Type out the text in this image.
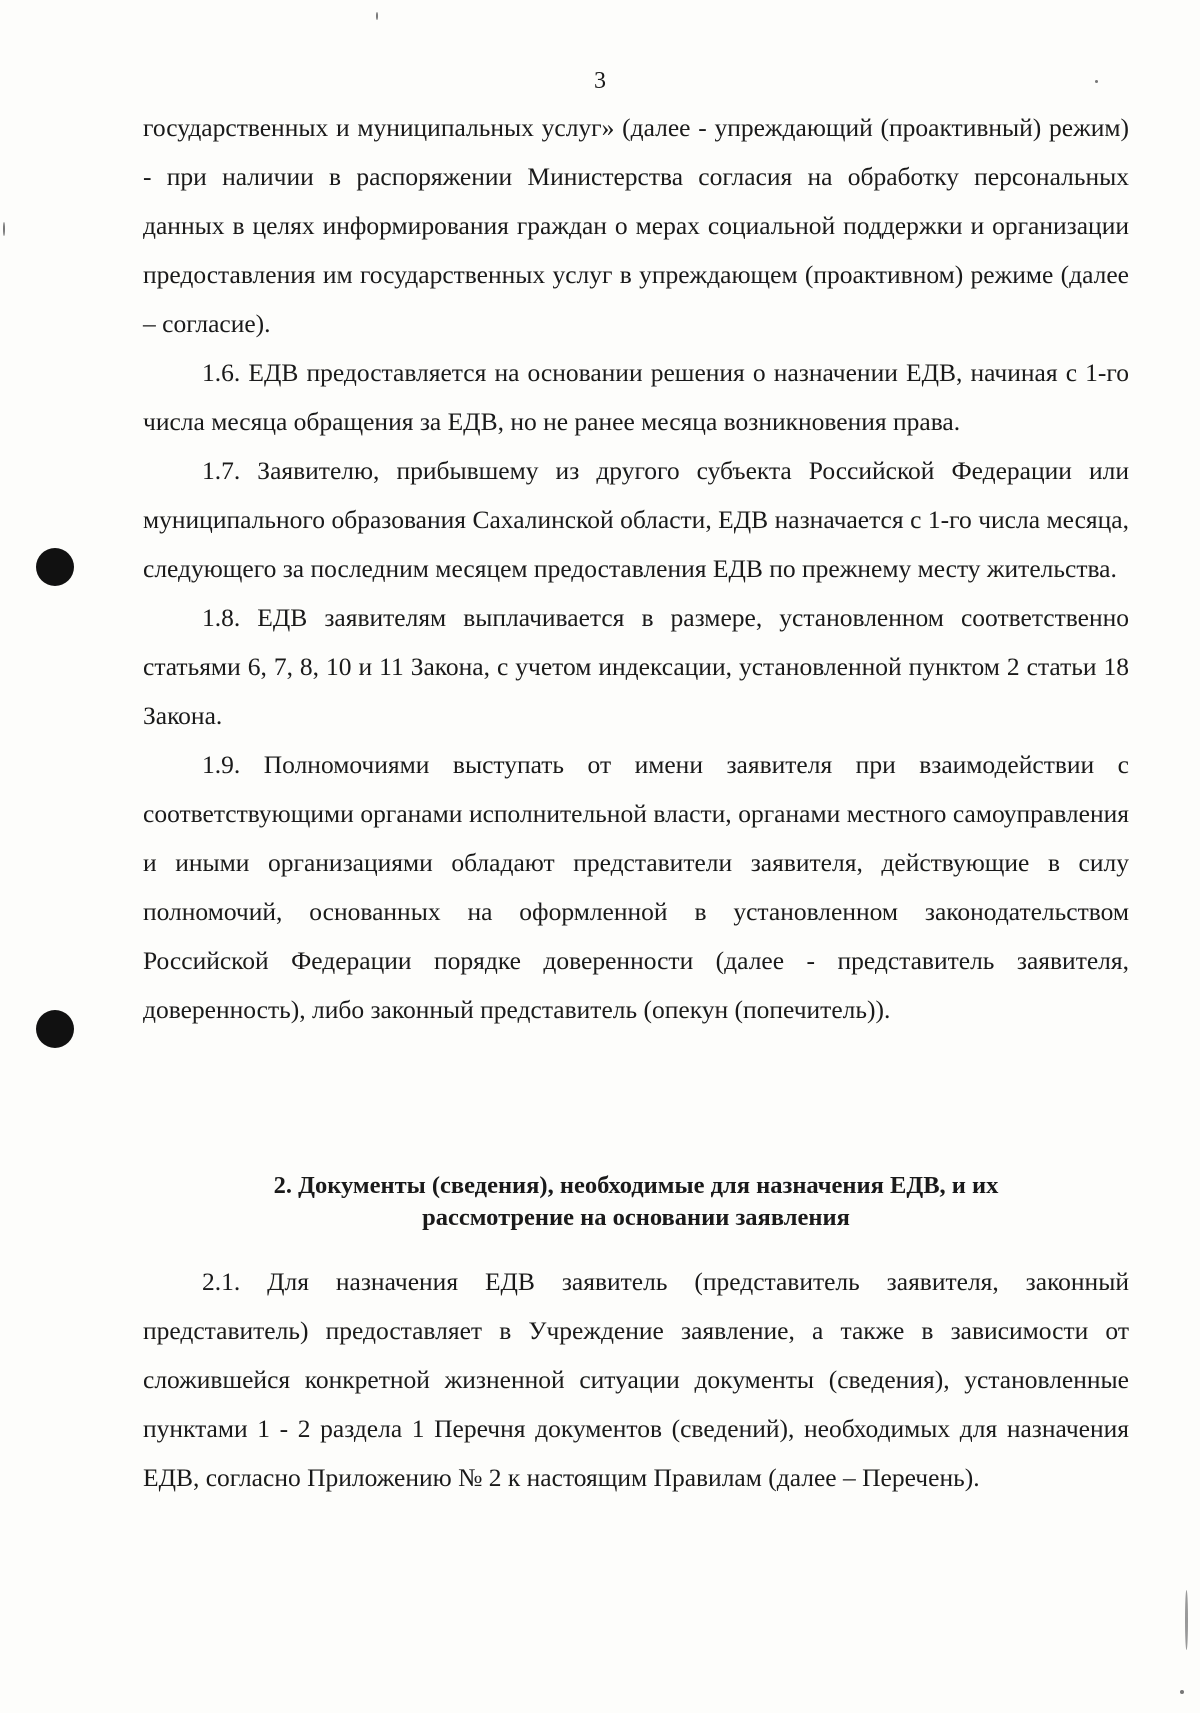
3

государственных и муниципальных услуг» (далее - упреждающий (проактивный) режим) - при наличии в распоряжении Министерства согласия на обработку персональных данных в целях информирования граждан о мерах социальной поддержки и организации предоставления им государственных услуг в упреждающем (проактивном) режиме (далее – согласие).

1.6. ЕДВ предоставляется на основании решения о назначении ЕДВ, начиная с 1-го числа месяца обращения за ЕДВ, но не ранее месяца возникновения права.

1.7. Заявителю, прибывшему из другого субъекта Российской Федерации или муниципального образования Сахалинской области, ЕДВ назначается с 1-го числа месяца, следующего за последним месяцем предоставления ЕДВ по прежнему месту жительства.

1.8. ЕДВ заявителям выплачивается в размере, установленном соответственно статьями 6, 7, 8, 10 и 11 Закона, с учетом индексации, установленной пунктом 2 статьи 18 Закона.

1.9. Полномочиями выступать от имени заявителя при взаимодействии с соответствующими органами исполнительной власти, органами местного самоуправления и иными организациями обладают представители заявителя, действующие в силу полномочий, основанных на оформленной в установленном законодательством Российской Федерации порядке доверенности (далее - представитель заявителя, доверенность), либо законный представитель (опекун (попечитель)).

2. Документы (сведения), необходимые для назначения ЕДВ, и их
рассмотрение на основании заявления

2.1. Для назначения ЕДВ заявитель (представитель заявителя, законный представитель) предоставляет в Учреждение заявление, а также в зависимости от сложившейся конкретной жизненной ситуации документы (сведения), установленные пунктами 1 - 2 раздела 1 Перечня документов (сведений), необходимых для назначения ЕДВ, согласно Приложению № 2 к настоящим Правилам (далее – Перечень).
